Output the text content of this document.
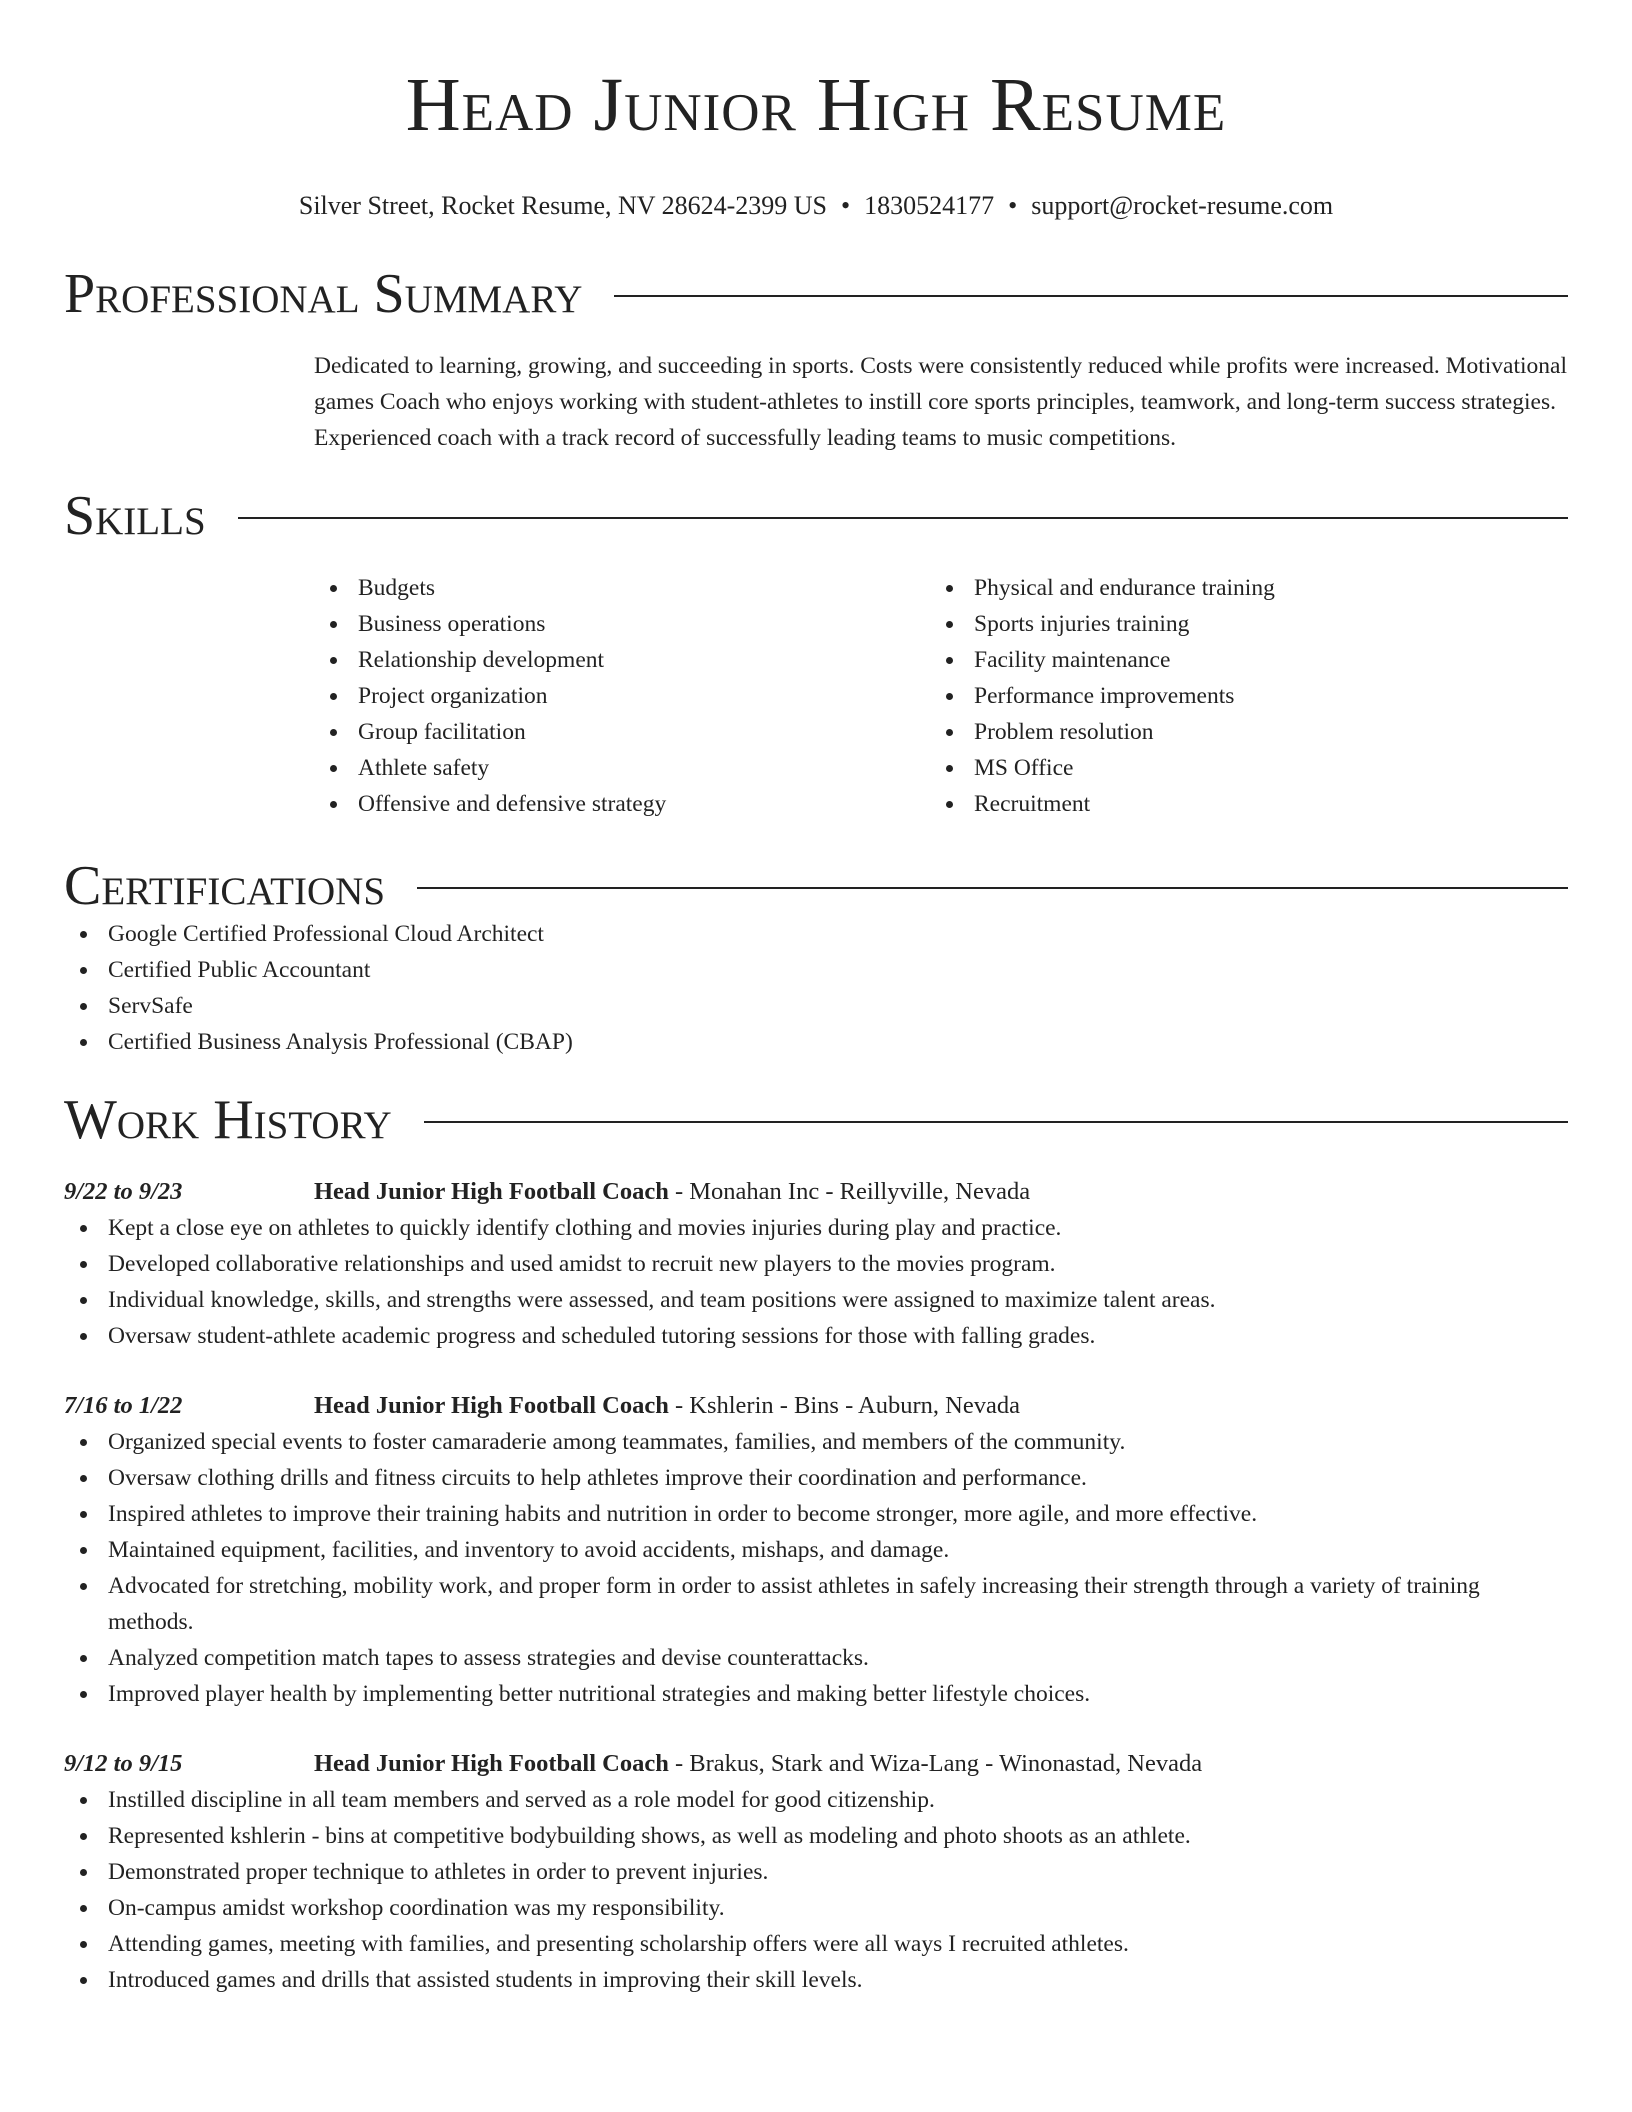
Head Junior High Resume
Silver Street, Rocket Resume, NV 28624-2399 US • 1830524177 • support@rocket-resume.com
Professional Summary

Dedicated to learning, growing, and succeeding in sports. Costs were consistently reduced while profits were increased. Motivational games Coach who enjoys working with student-athletes to instill core sports principles, teamwork, and long-term success strategies. Experienced coach with a track record of successfully leading teams to music competitions.

Skills
Budgets
Business operations
Relationship development
Project organization
Group facilitation
Athlete safety
Offensive and defensive strategy
Physical and endurance training
Sports injuries training
Facility maintenance
Performance improvements
Problem resolution
MS Office
Recruitment
Certifications
Google Certified Professional Cloud Architect
Certified Public Accountant
ServSafe
Certified Business Analysis Professional (CBAP)
Work History
9/22 to 9/23	Head Junior High Football Coach - Monahan Inc - Reillyville, Nevada
Kept a close eye on athletes to quickly identify clothing and movies injuries during play and practice.
Developed collaborative relationships and used amidst to recruit new players to the movies program.
Individual knowledge, skills, and strengths were assessed, and team positions were assigned to maximize talent areas.
Oversaw student-athlete academic progress and scheduled tutoring sessions for those with falling grades.
7/16 to 1/22	Head Junior High Football Coach - Kshlerin - Bins - Auburn, Nevada
Organized special events to foster camaraderie among teammates, families, and members of the community.
Oversaw clothing drills and fitness circuits to help athletes improve their coordination and performance.
Inspired athletes to improve their training habits and nutrition in order to become stronger, more agile, and more effective.
Maintained equipment, facilities, and inventory to avoid accidents, mishaps, and damage.
Advocated for stretching, mobility work, and proper form in order to assist athletes in safely increasing their strength through a variety of training methods.
Analyzed competition match tapes to assess strategies and devise counterattacks.
Improved player health by implementing better nutritional strategies and making better lifestyle choices.
9/12 to 9/15	Head Junior High Football Coach - Brakus, Stark and Wiza-Lang - Winonastad, Nevada
Instilled discipline in all team members and served as a role model for good citizenship.
Represented kshlerin - bins at competitive bodybuilding shows, as well as modeling and photo shoots as an athlete.
Demonstrated proper technique to athletes in order to prevent injuries.
On-campus amidst workshop coordination was my responsibility.
Attending games, meeting with families, and presenting scholarship offers were all ways I recruited athletes.
Introduced games and drills that assisted students in improving their skill levels.
